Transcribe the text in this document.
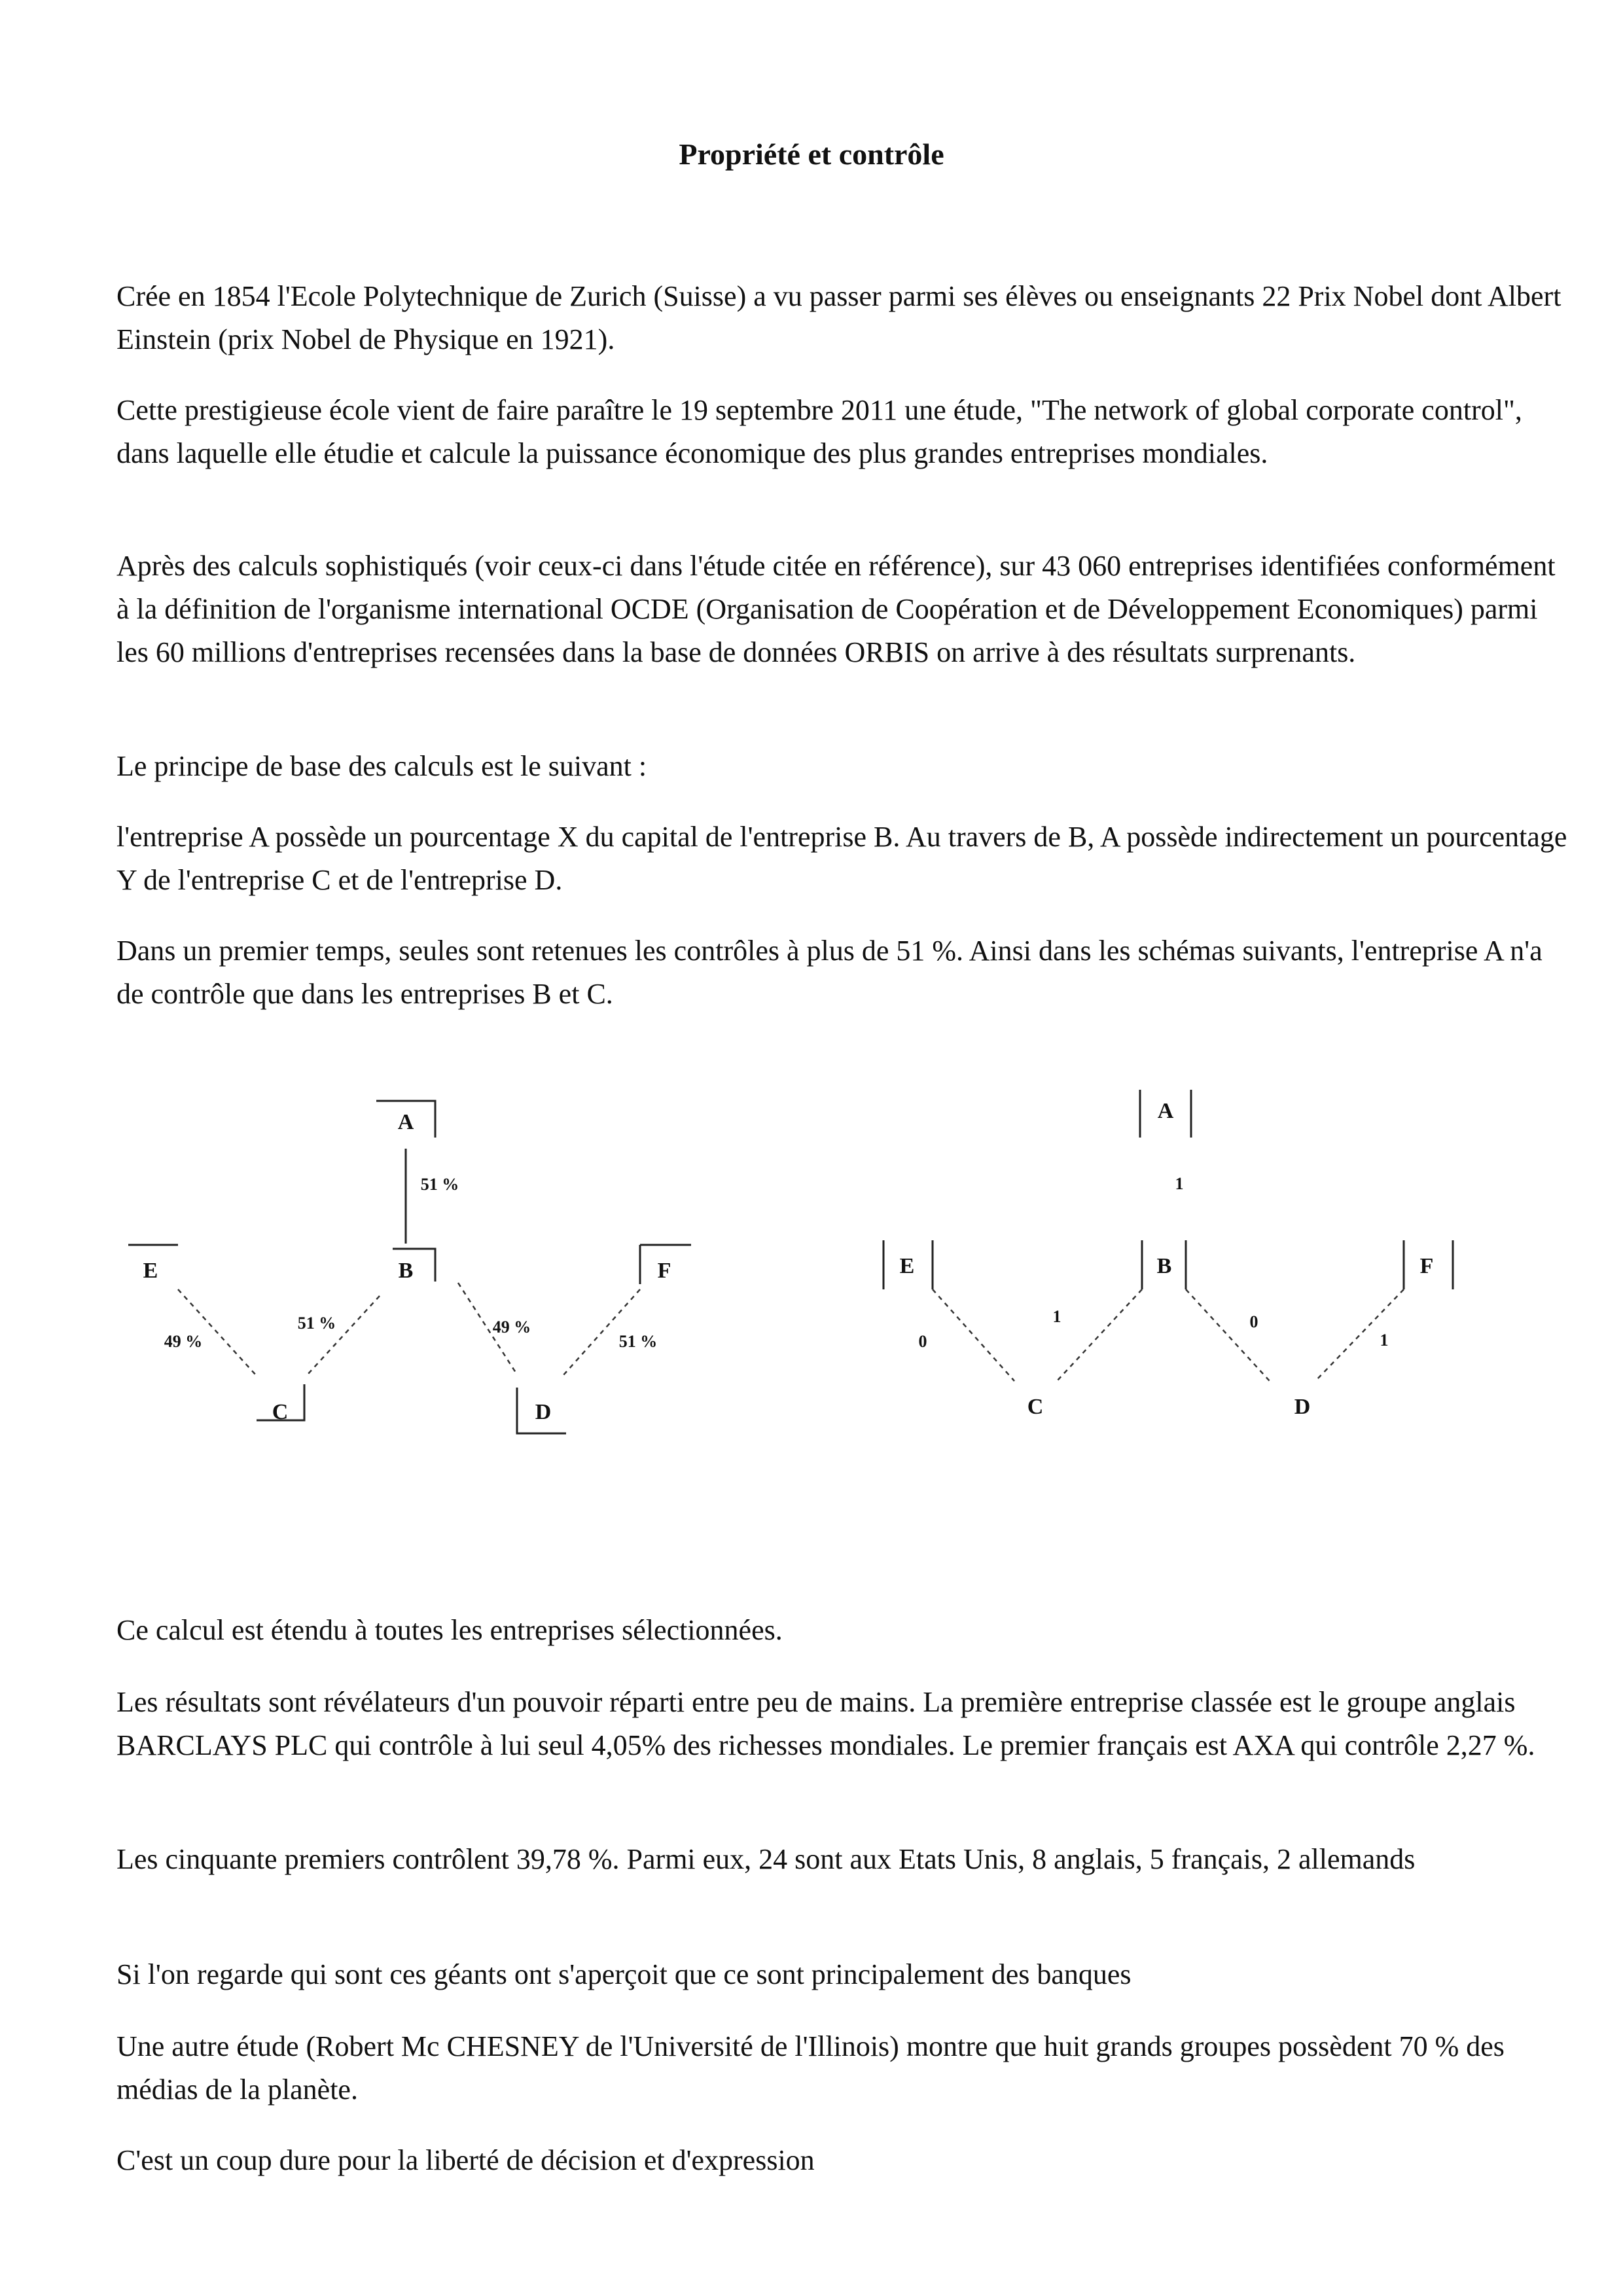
Propriété et contrôle

Crée en 1854 l'Ecole Polytechnique de Zurich (Suisse) a vu passer parmi ses élèves ou enseignants 22 Prix Nobel dont Albert Einstein (prix Nobel de Physique en 1921).

Cette prestigieuse école vient de faire paraître le 19 septembre 2011 une étude, "The network of global corporate control", dans laquelle elle étudie et calcule la puissance économique des plus grandes entreprises mondiales.

Après des calculs sophistiqués (voir ceux-ci dans l'étude citée en référence), sur 43 060 entreprises identifiées conformément à la définition de l'organisme international OCDE (Organisation de Coopération et de Développement Economiques) parmi les 60 millions d'entreprises recensées dans la base de données ORBIS on arrive à des résultats surprenants.

Le principe de base des calculs est le suivant :

l'entreprise A possède un pourcentage X du capital de l'entreprise B. Au travers de B, A possède indirectement un pourcentage Y de l'entreprise C et de l'entreprise D.

Dans un premier temps, seules sont retenues les contrôles à plus de 51 %. Ainsi dans les schémas suivants, l'entreprise A n'a de contrôle que dans les entreprises B et C.

A
B
E	F
C	D
51 %
49 %
51 %	49 %
51 %
A
B
E	F
C	D
1
0
1	0
1

Ce calcul est étendu à toutes les entreprises sélectionnées.

Les résultats sont révélateurs d'un pouvoir réparti entre peu de mains. La première entreprise classée est le groupe anglais BARCLAYS PLC qui contrôle à lui seul 4,05% des richesses mondiales. Le premier français est AXA qui contrôle 2,27 %.

Les cinquante premiers contrôlent 39,78 %. Parmi eux, 24 sont aux Etats Unis, 8 anglais, 5 français, 2 allemands

Si l'on regarde qui sont ces géants ont s'aperçoit que ce sont principalement des banques

Une autre étude (Robert Mc CHESNEY de l'Université de l'Illinois) montre que huit grands groupes possèdent 70 % des médias de la planète.

C'est un coup dure pour la liberté de décision et d'expression
